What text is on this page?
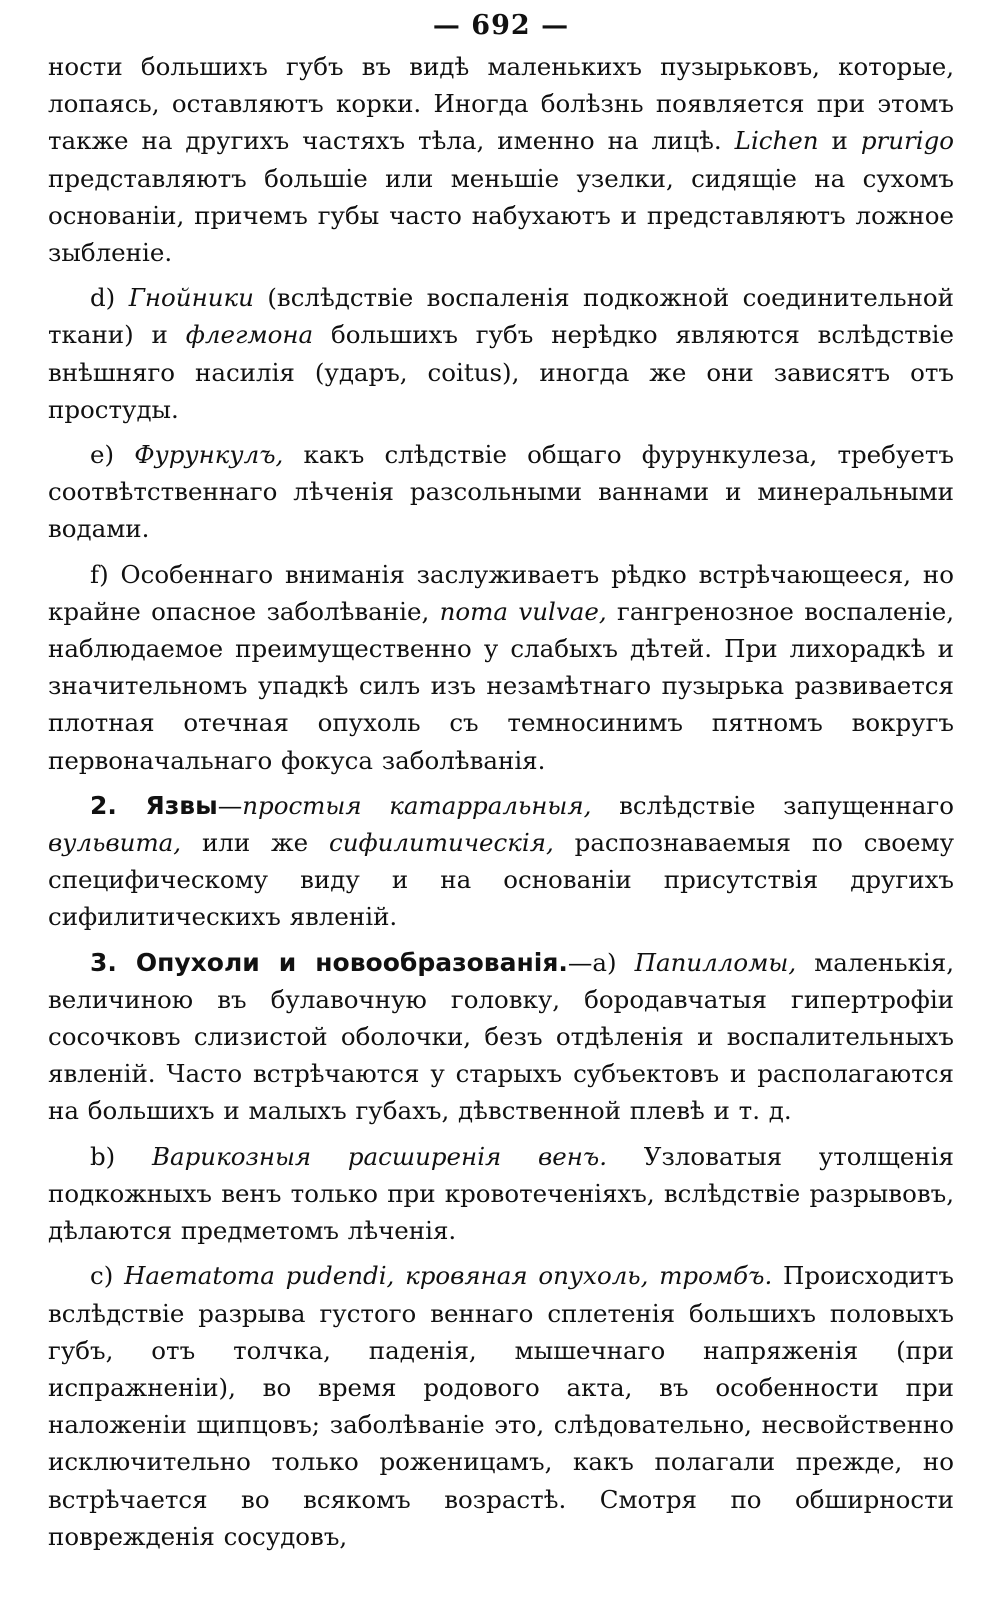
— 692 —

ности большихъ губъ въ видѣ маленькихъ пузырьковъ, которые, лопаясь, оставляютъ корки. Иногда болѣзнь появляется при этомъ также на другихъ частяхъ тѣла, именно на лицѣ. Lichen и prurigo представляютъ большіе или меньшіе узелки, сидящіе на сухомъ основаніи, причемъ губы часто набухаютъ и представляютъ ложное зыбленіе.

d) Гнойники (вслѣдствіе воспаленія подкожной соединительной ткани) и флегмона большихъ губъ нерѣдко являются вслѣдствіе внѣшняго насилія (ударъ, coitus), иногда же они зависятъ отъ простуды.

e) Фурункулъ, какъ слѣдствіе общаго фурункулеза, требуетъ соотвѣтственнаго лѣченія разсольными ваннами и минеральными водами.

f) Особеннаго вниманія заслуживаетъ рѣдко встрѣчающееся, но крайне опасное заболѣваніе, noma vulvae, гангренозное воспаленіе, наблюдаемое преимущественно у слабыхъ дѣтей. При лихорадкѣ и значительномъ упадкѣ силъ изъ незамѣтнаго пузырька развивается плотная отечная опухоль съ темносинимъ пятномъ вокругъ первоначальнаго фокуса заболѣванія.

2. Язвы—простыя катарральныя, вслѣдствіе запущеннаго вульвита, или же сифилитическія, распознаваемыя по своему специфическому виду и на основаніи присутствія другихъ сифилитическихъ явленій.

3. Опухоли и новообразованія.—a) Папилломы, маленькія, величиною въ булавочную головку, бородавчатыя гипертрофіи сосочковъ слизистой оболочки, безъ отдѣленія и воспалительныхъ явленій. Часто встрѣчаются у старыхъ субъектовъ и располагаются на большихъ и малыхъ губахъ, дѣвственной плевѣ и т. д.

b) Варикозныя расширенія венъ. Узловатыя утолщенія подкожныхъ венъ только при кровотеченіяхъ, вслѣдствіе разрывовъ, дѣлаются предметомъ лѣченія.

c) Haematoma pudendi, кровяная опухоль, тромбъ. Происходитъ вслѣдствіе разрыва густого веннаго сплетенія большихъ половыхъ губъ, отъ толчка, паденія, мышечнаго напряженія (при испражненіи), во время родового акта, въ особенности при наложеніи щипцовъ; заболѣваніе это, слѣдовательно, несвойственно исключительно только роженицамъ, какъ полагали прежде, но встрѣчается во всякомъ возрастѣ. Смотря по обширности поврежденія сосудовъ,
